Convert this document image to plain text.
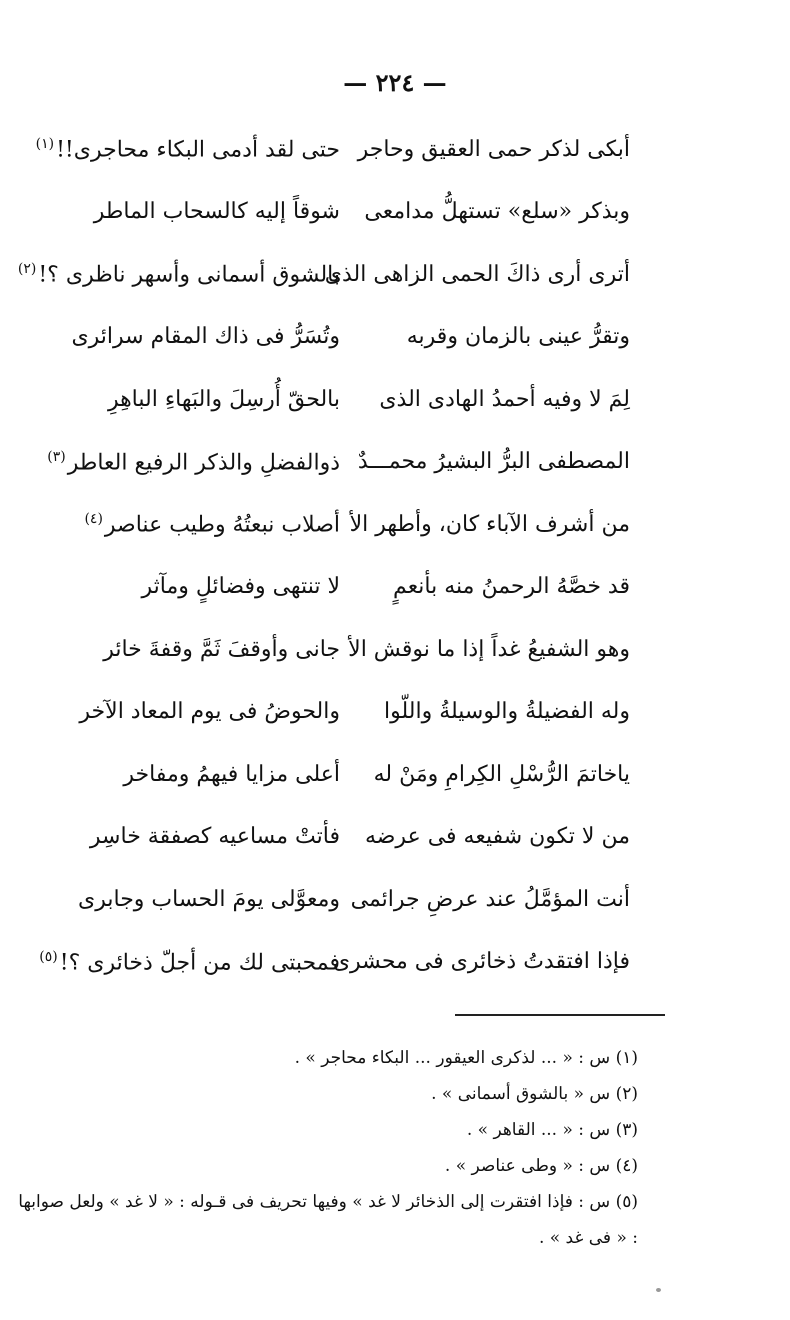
— ٢٢٤ —
أبكى لذكر حمى العقيق وحاجر
حتى لقد أدمى البكاء محاجرى!!$^{(١)}$
وبذكر «سلع» تستهلُّ مدامعى
شوقاً إليه كالسحاب الماطر
أترى أرى ذاكَ الحمى الزاهى الذى
بالشوق أسمانى وأسهر ناظرى ؟!$^{(٢)}$
وتقرُّ عينى بالزمان وقربه
وتُسَرُّ فى ذاك المقام سرائرى
لِمَ لا وفيه أحمدُ الهادى الذى
بالحقّ أُرسِلَ والبَهاءِ الباهِرِ
المصطفى البرُّ البشيرُ محمـــدٌ
ذوالفضلِ والذكر الرفيع العاطر$^{(٣)}$
من أشرف الآباء كان، وأطهر الأ
أصلاب نبعتُهُ وطيب عناصر$^{(٤)}$
قد خصَّهُ الرحمنُ منه بأنعمٍ
لا تنتهى وفضائلٍ ومآثر
وهو الشفيعُ غداً إذا ما نوقش الأ
جانى وأوقفَ ثَمَّ وقفةَ خائر
وله الفضيلةُ والوسيلةُ واللّوا
والحوضُ فى يوم المعاد الآخر
ياخاتمَ الرُّسْلِ الكِرامِ ومَنْ له
أعلى مزايا فيهمُ ومفاخر
من لا تكون شفيعه فى عرضه
فأتتْ مساعيه كصفقة خاسِر
أنت المؤمَّلُ عند عرضِ جرائمى
ومعوَّلى يومَ الحساب وجابرى
فإذا افتقدتُ ذخائرى فى محشرى
فمحبتى لك من أجلّ ذخائرى ؟!$^{(٥)}$
(١) س : « ... لذكرى العيقور ... البكاء محاجر » .
(٢) س « بالشوق أسمانى » .
(٣) س : « ... القاهر » .
(٤) س : « وطى عناصر » .
(٥) س : فإذا افتقرت إلى الذخائر لا غد » وفيها تحريف فى قـوله : « لا غد » ولعل صوابها : « فى غد » .
